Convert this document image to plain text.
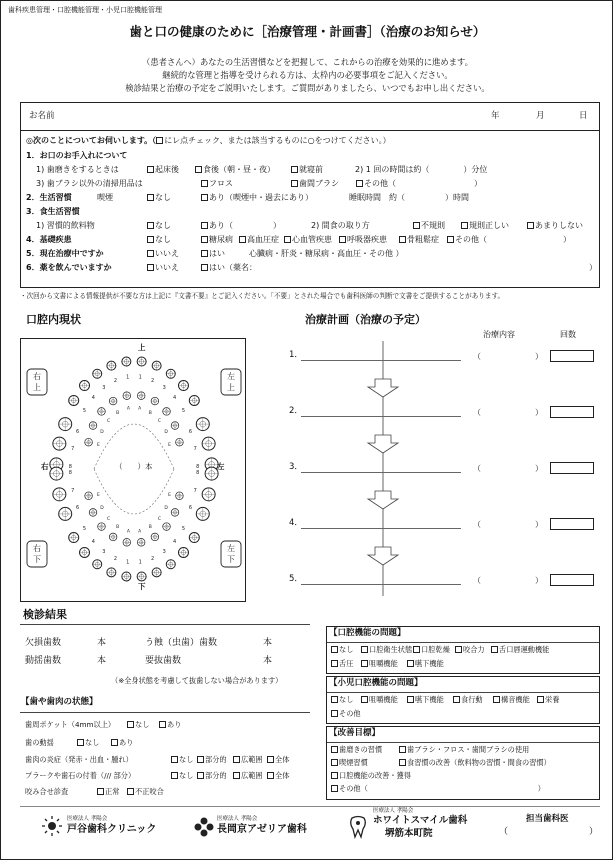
歯科疾患管理・口腔機能管理・小児口腔機能管理
歯と口の健康のために［治療管理・計画書］（治療のお知らせ）
（患者さんへ）あなたの生活習慣などを把握して、これからの治療を効果的に進めます。
継続的な管理と指導を受けられる方は、太枠内の必要事項をご記入ください。
検診結果と治療の予定をご説明いたします。ご質問がありましたら、いつでもお申し出ください。
お名前	年	月	日
◎次のことについてお伺いします。（ にレ点チェック、または該当するものに○をつけてください。）
1．お口のお手入れについて
1) 歯磨きをするときは	起床後	食後（朝・昼・夜）	就寝前	2) 1 回の時間は約（	）分位
3) 歯ブラシ以外の清掃用品は	フロス	歯間ブラシ	その他（	）
2．生活習慣	喫煙	なし	あり（喫煙中・過去にあり）	睡眠時間　約（	）時間
3．食生活習慣
1) 習慣的飲料物	なし	あり（	）	2) 間食の取り方	不規則	規則正しい	あまりしない
4．基礎疾患	なし	糖尿病	高血圧症	心血管疾患	呼吸器疾患	骨粗鬆症	その他（	）
5．現在治療中ですか	いいえ	はい	心臓病・肝炎・糖尿病・高血圧・その他 ）
6．薬を飲んでいますか	いいえ	はい（薬名：	）
・次回から文書による情報提供が不要な方は上記に『文書不要』とご記入ください。「不要」とされた場合でも歯科医師の判断で文書をご提供することがあります。
口腔内現状
右
上
左
上
右
下
左
下
1
1
2
2
3
3
4
4
5
5
6
6
7
7
8
8
1
1
2
2
3
3
4
4
5
5
6
6
7
7
8
8
A
A
B
B
C
C
D
D
E
E
A
A
B
B
C
C
D
D
E
E
上
下
右	左
（　　）本
治療計画（治療の予定）
治療内容	回数
1．	（	）
2．	（	）
3．	（	）
4．	（	）
5．	（	）
検診結果
欠損歯数	本	う蝕（虫歯）歯数	本
動揺歯数	本	要抜歯数	本
（※全身状態を考慮して抜歯しない場合があります）
【歯や歯肉の状態】
歯周ポケット（4mm以上）	なし	あり
歯の動揺	なし	あり
歯肉の炎症（発赤・出血・腫れ）	なし	部分的	広範囲	全体
プラークや歯石の付着（/// 部分）	なし	部分的	広範囲	全体
咬み合せ診査	正常	不正咬合
【口腔機能の問題】
なし	口腔衛生状態	口腔乾燥	咬合力	舌口唇運動機能
舌圧	咀嚼機能	嚥下機能
【小児口腔機能の問題】
なし	咀嚼機能	嚥下機能	食行動	構音機能	栄養
その他
【改善目標】
歯磨きの習慣	歯ブラシ・フロス・歯間ブラシの使用
喫煙習慣	食習慣の改善（飲料物の習慣・間食の習慣）
口腔機能の改善・獲得
その他（	）
医療法人 孝陽会
戸谷歯科クリニック
医療法人 孝陽会
長岡京アゼリア歯科
医療法人 孝陽会
ホワイトスマイル歯科
堺筋本町院
担当歯科医
（	）
